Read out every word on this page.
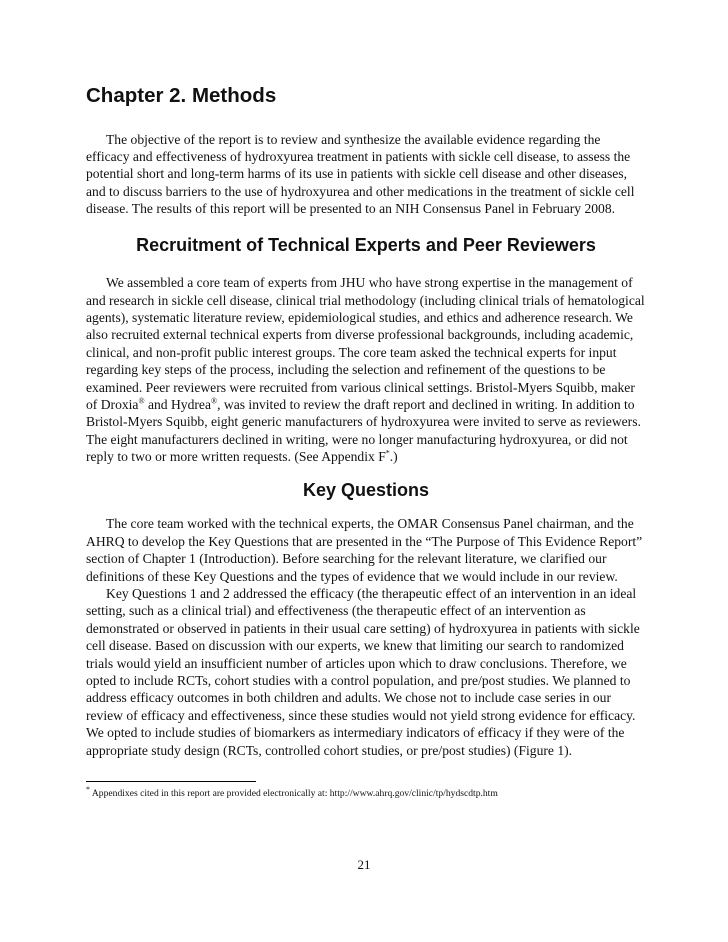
Chapter 2. Methods

The objective of the report is to review and synthesize the available evidence regarding the efficacy and effectiveness of hydroxyurea treatment in patients with sickle cell disease, to assess the potential short and long-term harms of its use in patients with sickle cell disease and other diseases, and to discuss barriers to the use of hydroxyurea and other medications in the treatment of sickle cell disease. The results of this report will be presented to an NIH Consensus Panel in February 2008.

Recruitment of Technical Experts and Peer Reviewers

We assembled a core team of experts from JHU who have strong expertise in the management of and research in sickle cell disease, clinical trial methodology (including clinical trials of hematological agents), systematic literature review, epidemiological studies, and ethics and adherence research. We also recruited external technical experts from diverse professional backgrounds, including academic, clinical, and non-profit public interest groups. The core team asked the technical experts for input regarding key steps of the process, including the selection and refinement of the questions to be examined. Peer reviewers were recruited from various clinical settings. Bristol-Myers Squibb, maker of Droxia® and Hydrea®, was invited to review the draft report and declined in writing. In addition to Bristol-Myers Squibb, eight generic manufacturers of hydroxyurea were invited to serve as reviewers. The eight manufacturers declined in writing, were no longer manufacturing hydroxyurea, or did not reply to two or more written requests. (See Appendix F*.)

Key Questions

The core team worked with the technical experts, the OMAR Consensus Panel chairman, and the AHRQ to develop the Key Questions that are presented in the “The Purpose of This Evidence Report” section of Chapter 1 (Introduction). Before searching for the relevant literature, we clarified our definitions of these Key Questions and the types of evidence that we would include in our review.

Key Questions 1 and 2 addressed the efficacy (the therapeutic effect of an intervention in an ideal setting, such as a clinical trial) and effectiveness (the therapeutic effect of an intervention as demonstrated or observed in patients in their usual care setting) of hydroxyurea in patients with sickle cell disease. Based on discussion with our experts, we knew that limiting our search to randomized trials would yield an insufficient number of articles upon which to draw conclusions. Therefore, we opted to include RCTs, cohort studies with a control population, and pre/post studies. We planned to address efficacy outcomes in both children and adults. We chose not to include case series in our review of efficacy and effectiveness, since these studies would not yield strong evidence for efficacy. We opted to include studies of biomarkers as intermediary indicators of efficacy if they were of the appropriate study design (RCTs, controlled cohort studies, or pre/post studies) (Figure 1).

* Appendixes cited in this report are provided electronically at: http://www.ahrq.gov/clinic/tp/hydscdtp.htm
21
